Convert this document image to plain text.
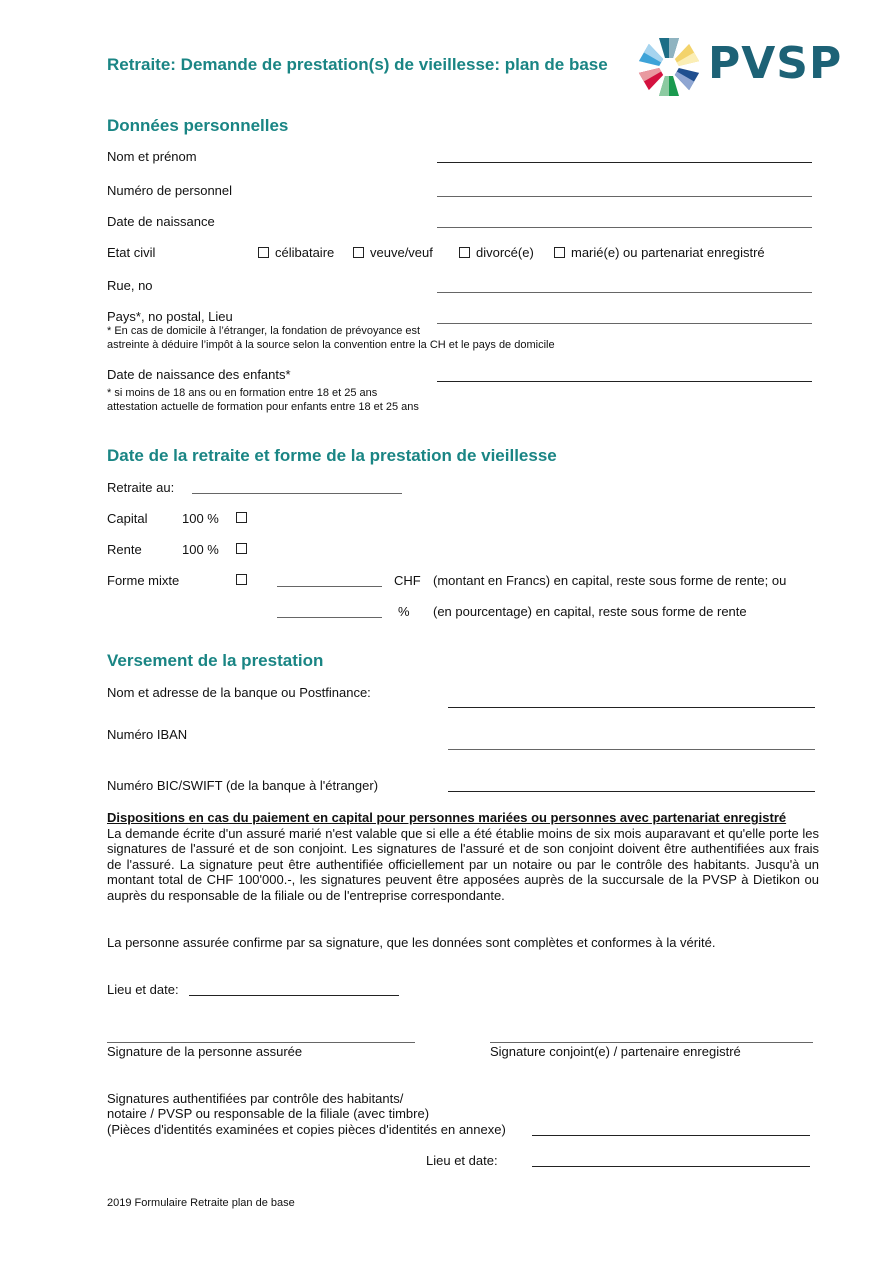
Retraite: Demande de prestation(s) de vieillesse: plan de base PVSP
Données personnelles
Nom et prénom
Numéro de personnel
Date de naissance
Etat civil	célibataire	veuve/veuf	divorcé(e)	marié(e) ou partenariat enregistré
Rue, no
Pays*, no postal, Lieu
* En cas de domicile à l’étranger, la fondation de prévoyance est
astreinte à déduire l’impôt à la source selon la convention entre la CH et le pays de domicile
Date de naissance des enfants*
* si moins de 18 ans ou en formation entre 18 et 25 ans
attestation actuelle de formation pour enfants entre 18 et 25 ans
Date de la retraite et forme de la prestation de vieillesse
Retraite au:
Capital	100 %
Rente	100 %
Forme mixte	CHF (montant en Francs) en capital, reste sous forme de rente; ou
% (en pourcentage) en capital, reste sous forme de rente
Versement de la prestation
Nom et adresse de la banque ou Postfinance:
Numéro IBAN
Numéro BIC/SWIFT (de la banque à l'étranger)
Dispositions en cas du paiement en capital pour personnes mariées ou personnes avec partenariat enregistré
La demande écrite d'un assuré marié n'est valable que si elle a été établie moins de six mois auparavant et qu'elle porte les signatures de l'assuré et de son conjoint. Les signatures de l'assuré et de son conjoint doivent être authentifiées aux frais de l'assuré. La signature peut être authentifiée officiellement par un notaire ou par le contrôle des habitants. Jusqu'à un montant total de CHF 100'000.-, les signatures peuvent être apposées auprès de la succursale de la PVSP à Dietikon ou auprès du responsable de la filiale ou de l'entreprise correspondante.
La personne assurée confirme par sa signature, que les données sont complètes et conformes à la vérité.
Lieu et date:
Signature de la personne assurée	Signature conjoint(e) / partenaire enregistré
Signatures authentifiées par contrôle des habitants/
notaire / PVSP ou responsable de la filiale (avec timbre)
(Pièces d'identités examinées et copies pièces d'identités en annexe)
Lieu et date:
2019 Formulaire Retraite plan de base
